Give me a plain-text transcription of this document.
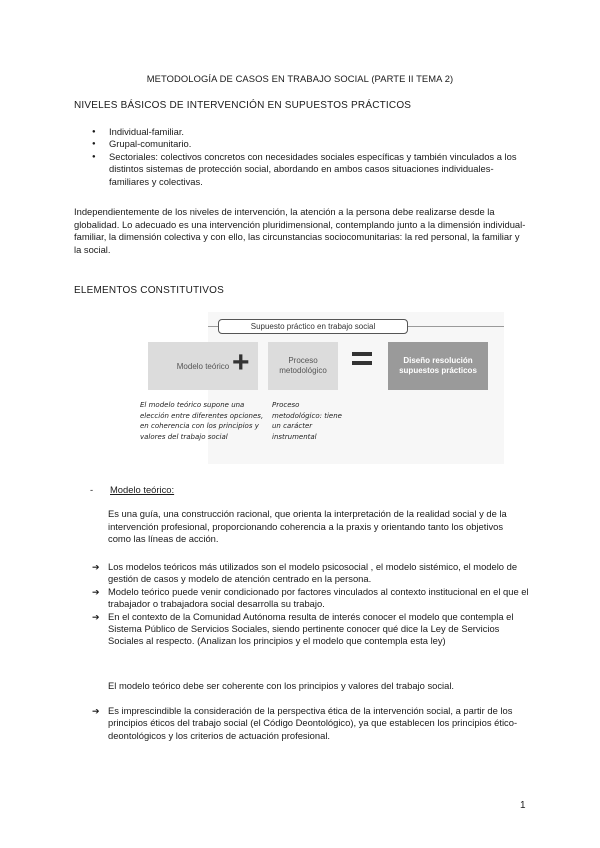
METODOLOGÍA DE CASOS EN TRABAJO SOCIAL (PARTE II TEMA 2)
NIVELES BÁSICOS DE INTERVENCIÓN EN SUPUESTOS PRÁCTICOS
● Individual-familiar.
● Grupal-comunitario.
● Sectoriales: colectivos concretos con necesidades sociales específicas y también vinculados a los distintos sistemas de protección social, abordando en ambos casos situaciones individuales-familiares y colectivas.
Independientemente de los niveles de intervención, la atención a la persona debe realizarse desde la globalidad. Lo adecuado es una intervención pluridimensional, contemplando junto a la dimensión individual-familiar, la dimensión colectiva y con ello, las circunstancias sociocomunitarias: la red personal, la familiar y la social.
ELEMENTOS CONSTITUTIVOS
Supuesto práctico en trabajo social
Modelo teórico +	Proceso metodológico
Diseño resolución supuestos prácticos
El modelo teórico supone una elección entre diferentes opciones, en coherencia con los principios y valores del trabajo social
Proceso metodológico: tiene un carácter instrumental
- Modelo teórico:
Es una guía, una construcción racional, que orienta la interpretación de la realidad social y de la intervención profesional, proporcionando coherencia a la praxis y orientando tanto los objetivos como las líneas de acción.
➔ Los modelos teóricos más utilizados son el modelo psicosocial , el modelo sistémico, el modelo de gestión de casos y modelo de atención centrado en la persona.
➔ Modelo teórico puede venir condicionado por factores vinculados al contexto institucional en el que el trabajador o trabajadora social desarrolla su trabajo.
➔ En el contexto de la Comunidad Autónoma resulta de interés conocer el modelo que contempla el Sistema Público de Servicios Sociales, siendo pertinente conocer qué dice la Ley de Servicios Sociales al respecto. (Analizan los principios y el modelo que contempla esta ley)
El modelo teórico debe ser coherente con los principios y valores del trabajo social.
➔ Es imprescindible la consideración de la perspectiva ética de la intervención social, a partir de los principios éticos del trabajo social (el Código Deontológico), ya que establecen los principios ético-deontológicos y los criterios de actuación profesional.
1
